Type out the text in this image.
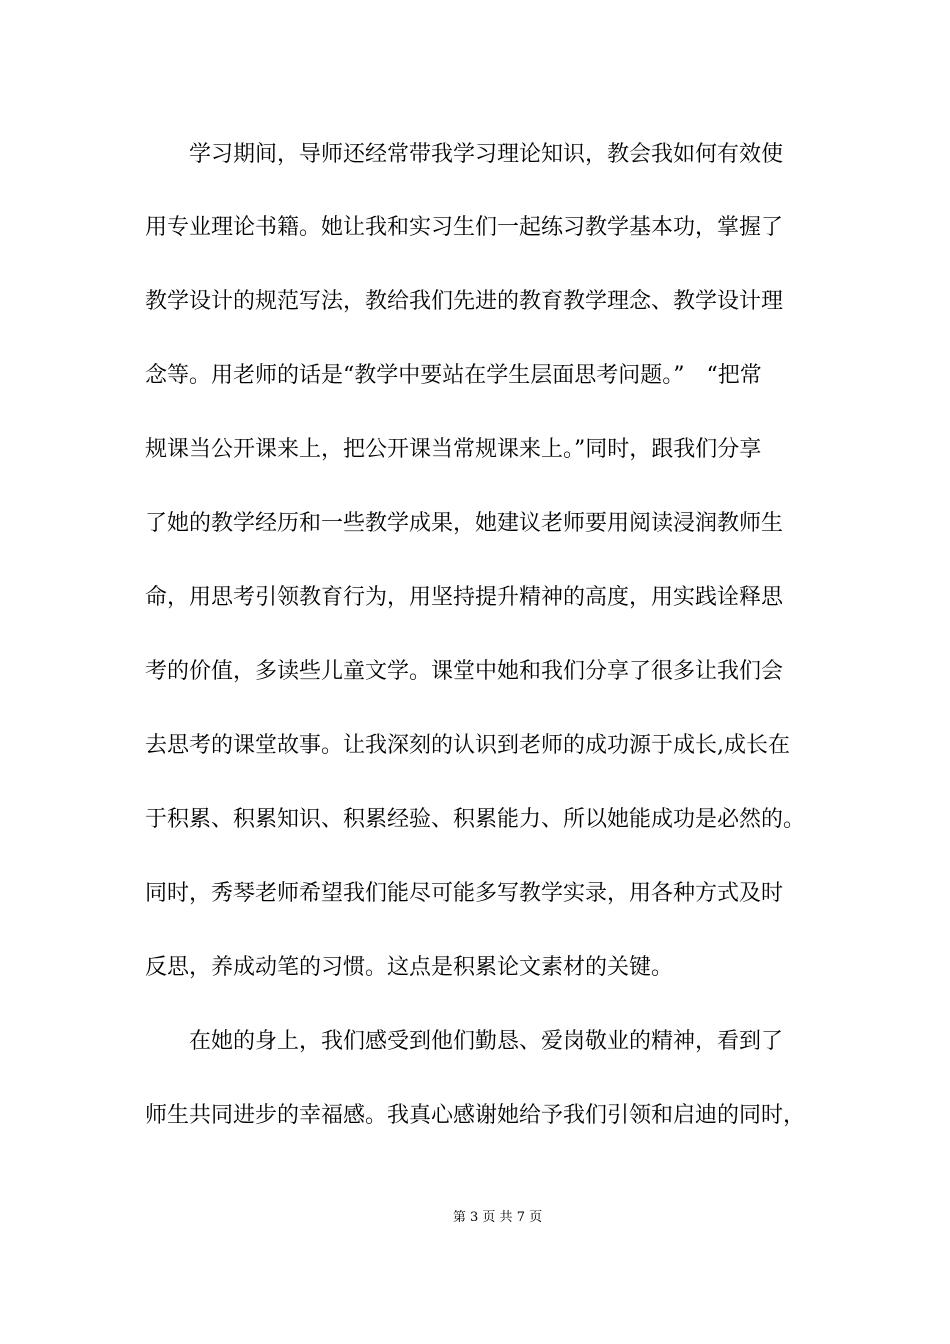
学习期间，导师还经常带我学习理论知识，教会我如何有效使
用专业理论书籍。她让我和实习生们一起练习教学基本功，掌握了
教学设计的规范写法，教给我们先进的教育教学理念、教学设计理
念等。用老师的话是“教学中要站在学生层面思考问题。”　“把常
规课当公开课来上，把公开课当常规课来上。”同时，跟我们分享
了她的教学经历和一些教学成果，她建议老师要用阅读浸润教师生
命，用思考引领教育行为，用坚持提升精神的高度，用实践诠释思
考的价值，多读些儿童文学。课堂中她和我们分享了很多让我们会
去思考的课堂故事。让我深刻的认识到老师的成功源于成长,成长在
于积累、积累知识、积累经验、积累能力、所以她能成功是必然的。
同时，秀琴老师希望我们能尽可能多写教学实录，用各种方式及时
反思，养成动笔的习惯。这点是积累论文素材的关键。
在她的身上，我们感受到他们勤恳、爱岗敬业的精神，看到了
师生共同进步的幸福感。我真心感谢她给予我们引领和启迪的同时，
第 3 页 共 7 页
